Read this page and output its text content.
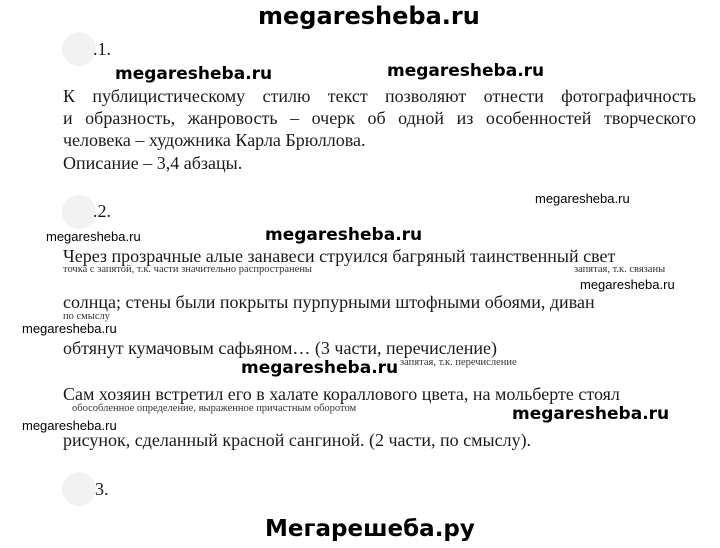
megaresheba.ru
.1.
megaresheba.ru	megaresheba.ru
К публицистическому стилю текст позволяют отнести фотографичность
и образность, жанровость – очерк об одной из особенностей творческого
человека – художника Карла Брюллова.
Описание – 3,4 абзацы.
megaresheba.ru
.2.
megaresheba.ru	megaresheba.ru
Через прозрачные алые занавеси струился багряный таинственный свет
точка с запятой, т.к. части значительно распространены	запятая, т.к. связаны
megaresheba.ru
солнца; стены были покрыты пурпурными штофными обоями, диван
по смыслу
megaresheba.ru
обтянут кумачовым сафьяном… (3 части, перечисление)
запятая, т.к. перечисление
megaresheba.ru
Сам хозяин встретил его в халате кораллового цвета, на мольберте стоял
обособленное определение, выраженное причастным оборотом	megaresheba.ru
megaresheba.ru
рисунок, сделанный красной сангиной. (2 части, по смыслу).
3.
Мегарешеба.ру
